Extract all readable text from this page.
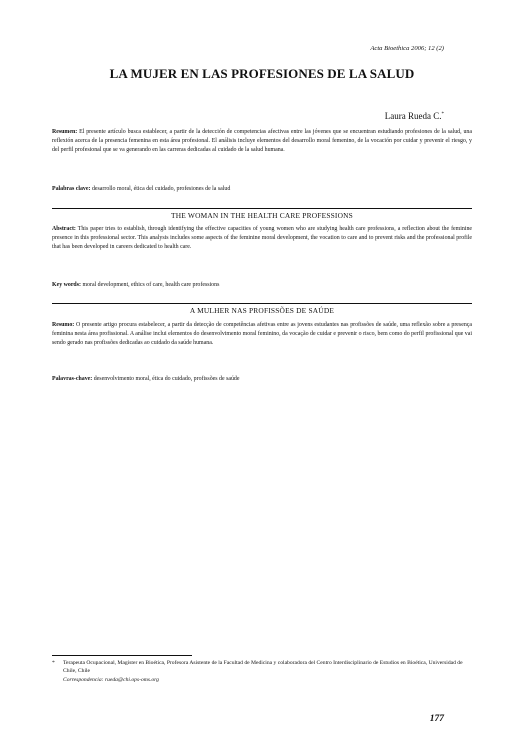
Acta Bioethica 2006; 12 (2)
LA MUJER EN LAS PROFESIONES DE LA SALUD
Laura Rueda C.*
Resumen: El presente artículo busca establecer, a partir de la detección de competencias afectivas entre las jóvenes que se encuentran estudiando profesiones de la salud, una reflexión acerca de la presencia femenina en esta área profesional. El análisis incluye elementos del desarrollo moral femenino, de la vocación por cuidar y prevenir el riesgo, y del perfil profesional que se va generando en las carreras dedicadas al cuidado de la salud humana.
Palabras clave: desarrollo moral, ética del cuidado, profesiones de la salud
THE WOMAN IN THE HEALTH CARE PROFESSIONS
Abstract: This paper tries to establish, through identifying the effective capacities of young women who are studying health care professions, a reflection about the feminine presence in this professional sector. This analysis includes some aspects of the feminine moral development, the vocation to care and to prevent risks and the professional profile that has been developed in careers dedicated to health care.
Key words: moral development, ethics of care, health care professions
A MULHER NAS PROFISSÕES DE SAÚDE
Resumo: O presente artigo procura estabelecer, a partir da detecção de competências afetivas entre as jovens estudantes nas profissões de saúde, uma reflexão sobre a presença feminina nesta área profissional. A análise inclui elementos do desenvolvimento moral feminino, da vocação de cuidar e prevenir o risco, bem como do perfil profissional que vai sendo gerado nas profissões dedicadas ao cuidado da saúde humana.
Palavras-chave: desenvolvimento moral, ética do cuidado, profissões de saúde
* Terapeuta Ocupacional, Magíster en Bioética, Profesora Asistente de la Facultad de Medicina y colaboradora del Centro Interdisciplinario de Estudios en Bioética, Universidad de Chile, Chile
Correspondencia: rueda@chi.ops-oms.org
177
